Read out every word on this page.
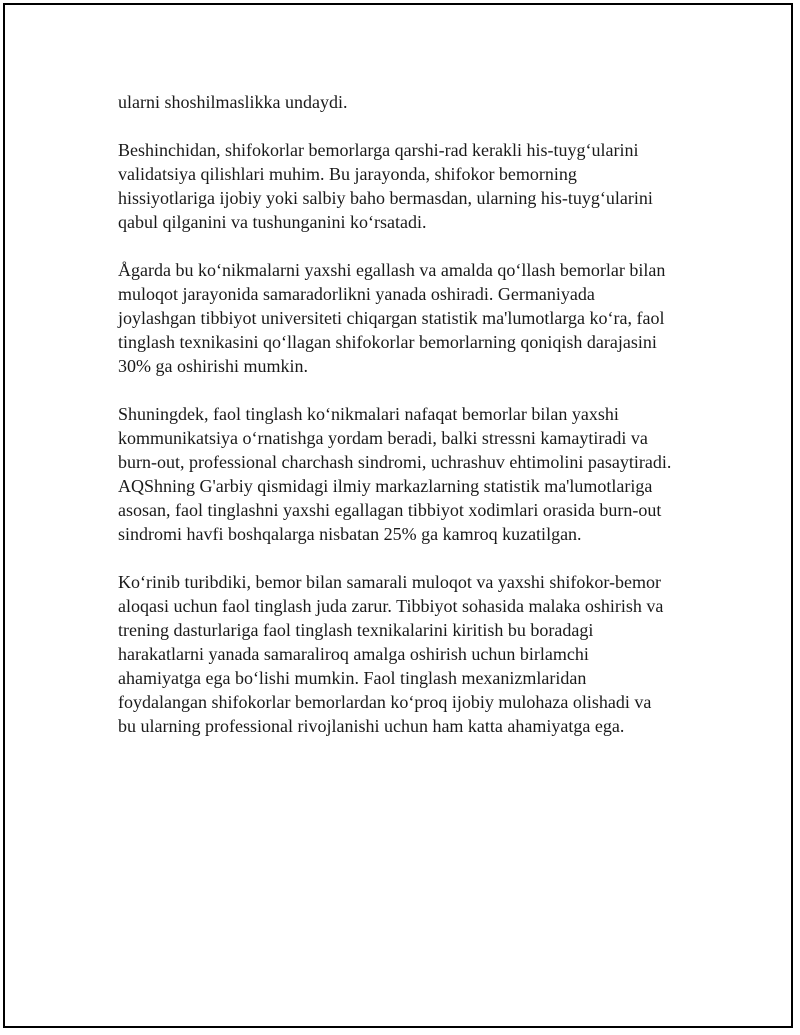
ularni shoshilmaslikka undaydi.

Beshinchidan, shifokorlar bemorlarga qarshi-rad kerakli his-tuyg‘ularini
validatsiya qilishlari muhim. Bu jarayonda, shifokor bemorning
hissiyotlariga ijobiy yoki salbiy baho bermasdan, ularning his-tuyg‘ularini
qabul qilganini va tushunganini ko‘rsatadi.

Ågarda bu ko‘nikmalarni yaxshi egallash va amalda qo‘llash bemorlar bilan
muloqot jarayonida samaradorlikni yanada oshiradi. Germaniyada
joylashgan tibbiyot universiteti chiqargan statistik ma'lumotlarga ko‘ra, faol
tinglash texnikasini qo‘llagan shifokorlar bemorlarning qoniqish darajasini
30% ga oshirishi mumkin.

Shuningdek, faol tinglash ko‘nikmalari nafaqat bemorlar bilan yaxshi
kommunikatsiya o‘rnatishga yordam beradi, balki stressni kamaytiradi va
burn-out, professional charchash sindromi, uchrashuv ehtimolini pasaytiradi.
AQShning G'arbiy qismidagi ilmiy markazlarning statistik ma'lumotlariga
asosan, faol tinglashni yaxshi egallagan tibbiyot xodimlari orasida burn-out
sindromi havfi boshqalarga nisbatan 25% ga kamroq kuzatilgan.

Ko‘rinib turibdiki, bemor bilan samarali muloqot va yaxshi shifokor-bemor
aloqasi uchun faol tinglash juda zarur. Tibbiyot sohasida malaka oshirish va
trening dasturlariga faol tinglash texnikalarini kiritish bu boradagi
harakatlarni yanada samaraliroq amalga oshirish uchun birlamchi
ahamiyatga ega bo‘lishi mumkin. Faol tinglash mexanizmlaridan
foydalangan shifokorlar bemorlardan ko‘proq ijobiy mulohaza olishadi va
bu ularning professional rivojlanishi uchun ham katta ahamiyatga ega.
